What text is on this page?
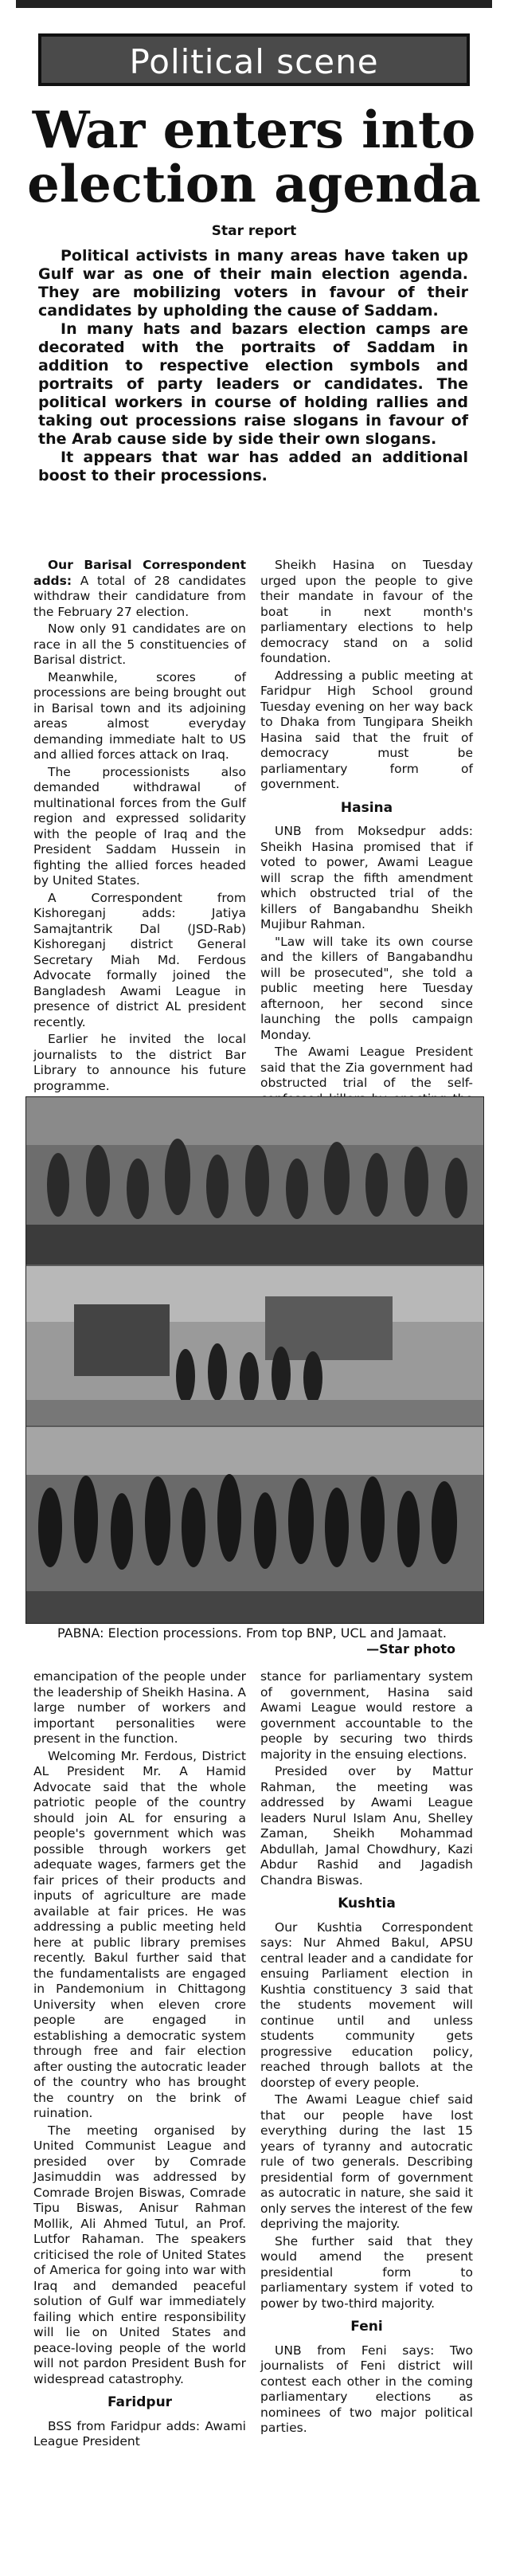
Political scene
War enters into election agenda
Star report

Political activists in many areas have taken up Gulf war as one of their main election agenda. They are mobilizing voters in favour of their candidates by upholding the cause of Saddam.

In many hats and bazars election camps are decorated with the portraits of Saddam in addition to respective election symbols and portraits of party leaders or candidates. The political workers in course of holding rallies and taking out processions raise slogans in favour of the Arab cause side by side their own slogans.

It appears that war has added an additional boost to their processions.

Our Barisal Correspondent adds: A total of 28 candidates withdraw their candidature from the February 27 election.

Now only 91 candidates are on race in all the 5 constituencies of Barisal district.

Meanwhile, scores of processions are being brought out in Barisal town and its adjoining areas almost everyday demanding immediate halt to US and allied forces attack on Iraq.

The processionists also demanded withdrawal of multinational forces from the Gulf region and expressed solidarity with the people of Iraq and the President Saddam Hussein in fighting the allied forces headed by United States.

A Correspondent from Kishoreganj adds: Jatiya Samajtantrik Dal (JSD-Rab) Kishoreganj district General Secretary Miah Md. Ferdous Advocate formally joined the Bangladesh Awami League in presence of district AL president recently.

Earlier he invited the local journalists to the district Bar Library to announce his future programme.

Sheikh Hasina on Tuesday urged upon the people to give their mandate in favour of the boat in next month's parliamentary elections to help democracy stand on a solid foundation.

Addressing a public meeting at Faridpur High School ground Tuesday evening on her way back to Dhaka from Tungipara Sheikh Hasina said that the fruit of democracy must be parliamentary form of government.

Hasina

UNB from Moksedpur adds: Sheikh Hasina promised that if voted to power, Awami League will scrap the fifth amendment which obstructed trial of the killers of Bangabandhu Sheikh Mujibur Rahman.

"Law will take its own course and the killers of Bangabandhu will be prosecuted", she told a public meeting here Tuesday afternoon, her second since launching the polls campaign Monday.

The Awami League President said that the Zia government had obstructed trial of the self-

PABNA: Election processions. From top BNP, UCL and Jamaat.
—Star photo

emancipation of the people under the leadership of Sheikh Hasina. A large number of workers and important personalities were present in the function.

Welcoming Mr. Ferdous, District AL President Mr. A Hamid Advocate said that the whole patriotic people of the country should join AL for ensuring a people's government which was possible through workers get adequate wages, farmers get the fair prices of their products and inputs of agriculture are made available at fair prices. He was addressing a public meeting held here at public library premises recently. Bakul further said that the fundamentalists are engaged in Pandemonium in Chittagong University when eleven crore people are engaged in establishing a democratic system through free and fair election after ousting the autocratic leader of the country who has brought the country on the brink of ruination.

The meeting organised by United Communist League and presided over by Comrade Jasimuddin was addressed by Comrade Brojen Biswas, Comrade Tipu Biswas, Anisur Rahman Mollik, Ali Ahmed Tutul, an Prof. Lutfor Rahaman. The speakers criticised the role of United States of America for going into war with Iraq and demanded peaceful solution of Gulf war immediately failing which entire responsibility will lie on United States and peace-loving people of the world will not pardon President Bush for widespread catastrophy.

Faridpur

BSS from Faridpur adds: Awami League President

stance for parliamentary system of government, Hasina said Awami League would restore a government accountable to the people by securing two thirds majority in the ensuing elections.

Presided over by Mattur Rahman, the meeting was addressed by Awami League leaders Nurul Islam Anu, Shelley Zaman, Sheikh Mohammad Abdullah, Jamal Chowdhury, Kazi Abdur Rashid and Jagadish Chandra Biswas.

Kushtia

Our Kushtia Correspondent says: Nur Ahmed Bakul, APSU central leader and a candidate for ensuing Parliament election in Kushtia constituency 3 said that the students movement will continue until and unless students community gets progressive education policy, reached through ballots at the doorstep of every people.

The Awami League chief said that our people have lost everything during the last 15 years of tyranny and autocratic rule of two generals. Describing presidential form of government as autocratic in nature, she said it only serves the interest of the few depriving the majority.

She further said that they would amend the present presidential form to parliamentary system if voted to power by two-third majority.

Feni

UNB from Feni says: Two journalists of Feni district will contest each other in the coming parliamentary elections as nominees of two major political parties.
